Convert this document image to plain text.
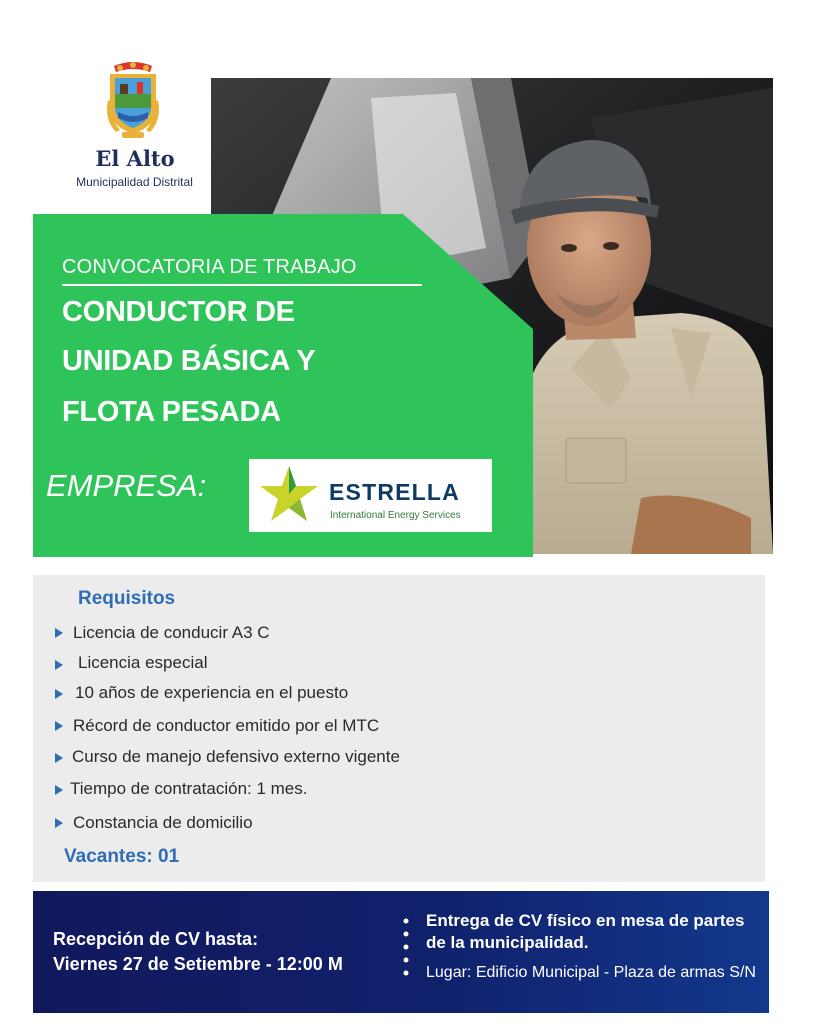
El Alto
Municipalidad Distrital
CONVOCATORIA DE TRABAJO
CONDUCTOR DE
UNIDAD BÁSICA Y
FLOTA PESADA
EMPRESA:	ESTRELLA
International Energy Services
Requisitos
Licencia de conducir A3 C
Licencia especial
10 años de experiencia en el puesto
Récord de conductor emitido por el MTC
Curso de manejo defensivo externo vigente
Tiempo de contratación: 1 mes.
Constancia de domicilio
Vacantes: 01
Recepción de CV hasta:
Viernes 27 de Setiembre - 12:00 M
Entrega de CV físico en mesa de partes de la municipalidad.
Lugar: Edificio Municipal - Plaza de armas S/N
